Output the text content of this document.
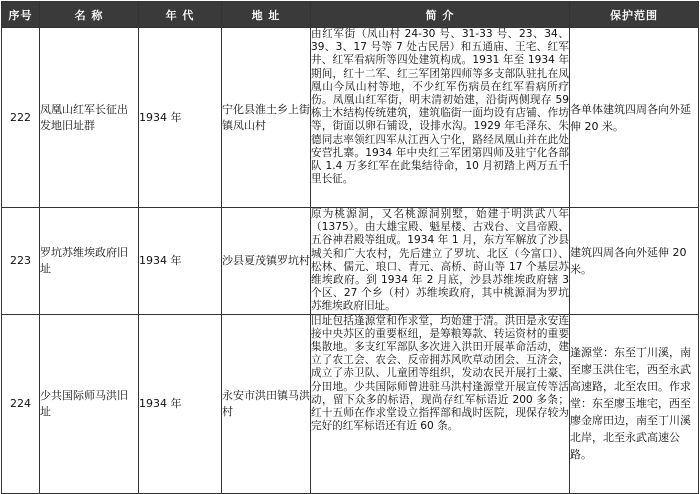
序号	名 称	年 代	地 址	简 介	保护范围
222	凤凰山红军长征出发地旧址群	1934 年	宁化县淮土乡上街镇凤山村	由红军街（凤山村 24-30 号、31-33 号、23、34、39、3、17 号等 7 处古民居）和五通庙、王宅、红军井、红军看病所等四处建筑构成。1931 年至 1934 年期间，红十二军、红三军团第四师等多支部队驻扎在凤凰山今凤山村等地，不少红军伤病员在红军看病所疗伤。凤凰山红军街，明末清初始建，沿街两侧现存 59 栋土木结构传统建筑，建筑临街一面均设有店铺、作坊等，街面以卵石铺设，设排水沟。1929 年毛泽东、朱德同志率领红四军从江西入宁化，路经凤凰山并在此处安营扎寨。1934 年中央红三军团第四师及驻宁化各部队 1.4 万多红军在此集结待命，10 月初踏上两万五千里长征。	各单体建筑四周各向外延伸 20 米。
223	罗坑苏维埃政府旧址	1934 年	沙县夏茂镇罗坑村	原为桃源洞，又名桃源洞别墅，始建于明洪武八年（1375）。由大雄宝殿、魁星楼、古戏台、文昌帝殿、五谷神君殿等组成。1934 年 1 月，东方军解放了沙县城关和广大农村，先后建立了罗坑、北区（今富口）、松林、儒元、琅口、青元、高桥、莳山等 17 个基层苏维埃政府。到 1934 年 2 月底，沙县苏维埃政府辖 3 个区、27 个乡（村）苏维埃政府，其中桃源洞为罗坑苏维埃政府旧址。	建筑四周各向外延伸 20 米。
224	少共国际师马洪旧址	1934 年	永安市洪田镇马洪村	旧址包括逢源堂和作求堂，均始建于清。洪田是永安连接中央苏区的重要枢纽，是筹粮筹款、转运资材的重要集散地。多支红军部队多次进入洪田开展革命活动，建立了农工会、农会、反帝拥苏风吹草动团会、互济会，成立了赤卫队、儿童团等组织，发动农民开展打土豪、分田地。少共国际师曾进驻马洪村逢源堂开展宣传等活动，留下众多的标语，现尚存红军标语近 200 多条；红十五师在作求堂设立指挥部和战时医院，现保存较为完好的红军标语还有近 60 条。	逢源堂：东至丁川溪，南至廖玉洪住宅，西至永武高速路，北至农田。作求堂：东至廖玉堆宅，西至廖金席田边，南至丁川溪北岸，北至永武高速公路。
